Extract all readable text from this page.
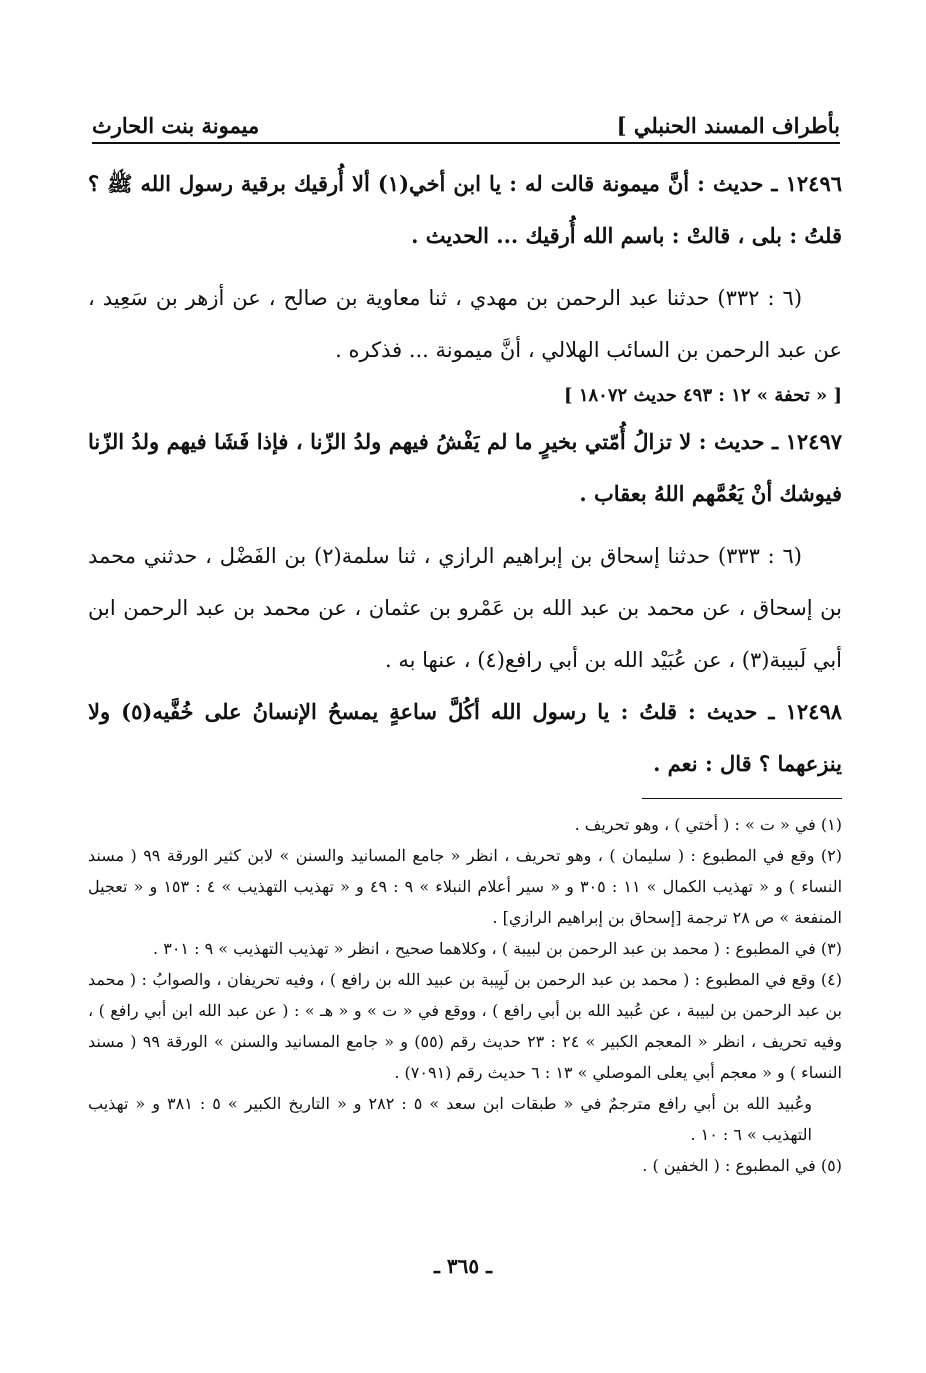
بأطراف المسند الحنبلي ]
ميمونة بنت الحارث

١٢٤٩٦ ـ حديث : أنَّ ميمونة قالت له : يا ابن أخي(١) ألا أُرقيك برقية رسول الله ﷺ ؟ قلتُ : بلى ، قالتْ : باسم الله أُرقيك ... الحديث .

(٦ : ٣٣٢) حدثنا عبد الرحمن بن مهدي ، ثنا معاوية بن صالح ، عن أزهر بن سَعِيد ، عن عبد الرحمن بن السائب الهلالي ، أنَّ ميمونة ... فذكره .

[ « تحفة » ١٢ : ٤٩٣ حديث ١٨٠٧٢ ]

١٢٤٩٧ ـ حديث : لا تزالُ أُمّتي بخيرٍ ما لم يَفْشُ فيهم ولدُ الزّنا ، فإذا فَشَا فيهم ولدُ الزّنا فيوشك أنْ يَعُمَّهم اللهُ بعقاب .

(٦ : ٣٣٣) حدثنا إسحاق بن إبراهيم الرازي ، ثنا سلمة(٢) بن الفَضْل ، حدثني محمد بن إسحاق ، عن محمد بن عبد الله بن عَمْرو بن عثمان ، عن محمد بن عبد الرحمن ابن أبي لَبيبة(٣) ، عن عُبَيْد الله بن أبي رافع(٤) ، عنها به .

١٢٤٩٨ ـ حديث : قلتُ : يا رسول الله أكُلَّ ساعةٍ يمسحُ الإنسانُ على خُفَّيه(٥) ولا ينزعهما ؟ قال : نعم .

(١) في « ت » : ( أختي ) ، وهو تحريف .

(٢) وقع في المطبوع : ( سليمان ) ، وهو تحريف ، انظر « جامع المسانيد والسنن » لابن كثير الورقة ٩٩ ( مسند النساء ) و « تهذيب الكمال » ١١ : ٣٠٥ و « سير أعلام النبلاء » ٩ : ٤٩ و « تهذيب التهذيب » ٤ : ١٥٣ و « تعجيل المنفعة » ص ٢٨ ترجمة [إسحاق بن إبراهيم الرازي] .

(٣) في المطبوع : ( محمد بن عبد الرحمن بن لبيبة ) ، وكلاهما صحيح ، انظر « تهذيب التهذيب » ٩ : ٣٠١ .

(٤) وقع في المطبوع : ( محمد بن عبد الرحمن بن لَبِيبة بن عبيد الله بن رافع ) ، وفيه تحريفان ، والصوابُ : ( محمد بن عبد الرحمن بن لبيبة ، عن عُبيد الله بن أبي رافع ) ، ووقع في « ت » و « هـ » : ( عن عبد الله ابن أبي رافع ) ، وفيه تحريف ، انظر « المعجم الكبير » ٢٤ : ٢٣ حديث رقم (٥٥) و « جامع المسانيد والسنن » الورقة ٩٩ ( مسند النساء ) و « معجم أبي يعلى الموصلي » ١٣ : ٦ حديث رقم (٧٠٩١) .

وعُبيد الله بن أبي رافع مترجمٌ في « طبقات ابن سعد » ٥ : ٢٨٢ و « التاريخ الكبير » ٥ : ٣٨١ و « تهذيب التهذيب » ٦ : ١٠ .

(٥) في المطبوع : ( الخفين ) .

ـ ٣٦٥ ـ
